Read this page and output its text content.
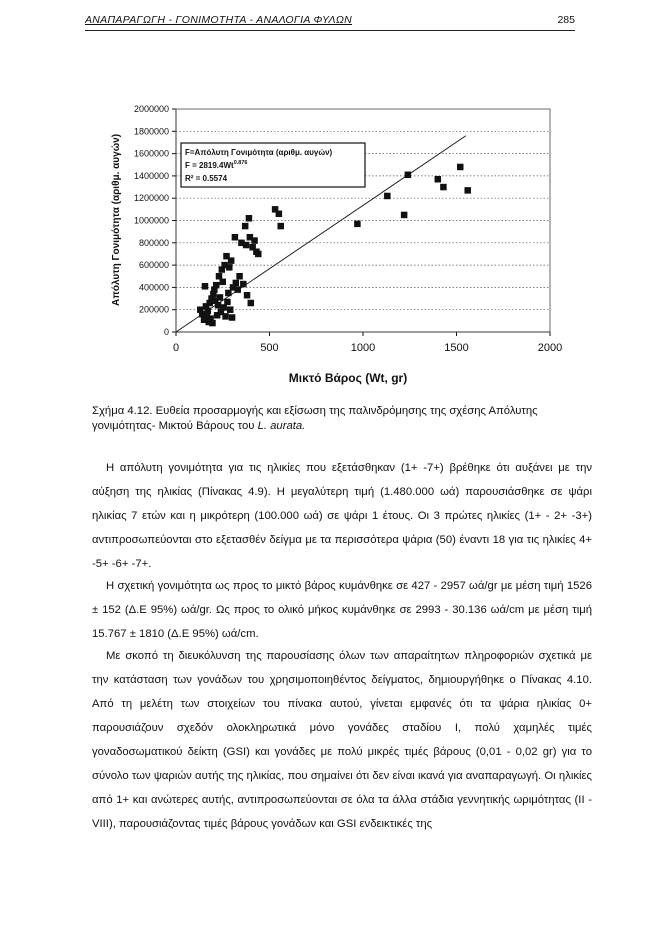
ΑΝΑΠΑΡΑΓΩΓΗ - ΓΟΝΙΜΟΤΗΤΑ - ΑΝΑΛΟΓΙΑ ΦΥΛΩΝ	285
0
200000
400000
600000
800000
1000000
1200000
1400000
1600000
1800000
2000000
0	500	1000	1500	2000
F=Απόλυτη Γονιμότητα (αριθμ. αυγών)
$F = 2819.4Wt^{0.876}$
R² = 0.5574
Απόλυτη Γονιμότητα (αριθμ. αυγών)
Μικτό Βάρος (Wt, gr)
Σχήμα 4.12. Ευθεία προσαρμογής και εξίσωση της παλινδρόμησης της σχέσης Απόλυτης γονιμότητας- Μικτού Βάρους του L. aurata.
Η απόλυτη γονιμότητα για τις ηλικίες που εξετάσθηκαν (1+ -7+) βρέθηκε ότι αυξάνει με την αύξηση της ηλικίας (Πίνακας 4.9). Η μεγαλύτερη τιμή (1.480.000 ωά) παρουσιάσθηκε σε ψάρι ηλικίας 7 ετών και η μικρότερη (100.000 ωά) σε ψάρι 1 έτους. Οι 3 πρώτες ηλικίες (1+ - 2+ -3+) αντιπροσωπεύονται στο εξετασθέν δείγμα με τα περισσότερα ψάρια (50) έναντι 18 για τις ηλικίες 4+ -5+ -6+ -7+.
Η σχετική γονιμότητα ως προς το μικτό βάρος κυμάνθηκε σε 427 - 2957 ωά/gr με μέση τιμή 1526 ± 152 (Δ.Ε 95%) ωά/gr. Ως προς το ολικό μήκος κυμάνθηκε σε 2993 - 30.136 ωά/cm με μέση τιμή 15.767 ± 1810 (Δ.Ε 95%) ωά/cm.
Με σκοπό τη διευκόλυνση της παρουσίασης όλων των απαραίτητων πληροφοριών σχετικά με την κατάσταση των γονάδων του χρησιμοποιηθέντος δείγματος, δημιουργήθηκε ο Πίνακας 4.10. Από τη μελέτη των στοιχείων του πίνακα αυτού, γίνεται εμφανές ότι τα ψάρια ηλικίας 0+ παρουσιάζουν σχεδόν ολοκληρωτικά μόνο γονάδες σταδίου I, πολύ χαμηλές τιμές γοναδοσωματικού δείκτη (GSI) και γονάδες με πολύ μικρές τιμές βάρους (0,01 - 0,02 gr) για το σύνολο των ψαριών αυτής της ηλικίας, που σημαίνει ότι δεν είναι ικανά για αναπαραγωγή. Οι ηλικίες από 1+ και ανώτερες αυτής, αντιπροσωπεύονται σε όλα τα άλλα στάδια γεννητικής ωριμότητας (II - VIII), παρουσιάζοντας τιμές βάρους γονάδων και GSI ενδεικτικές της
